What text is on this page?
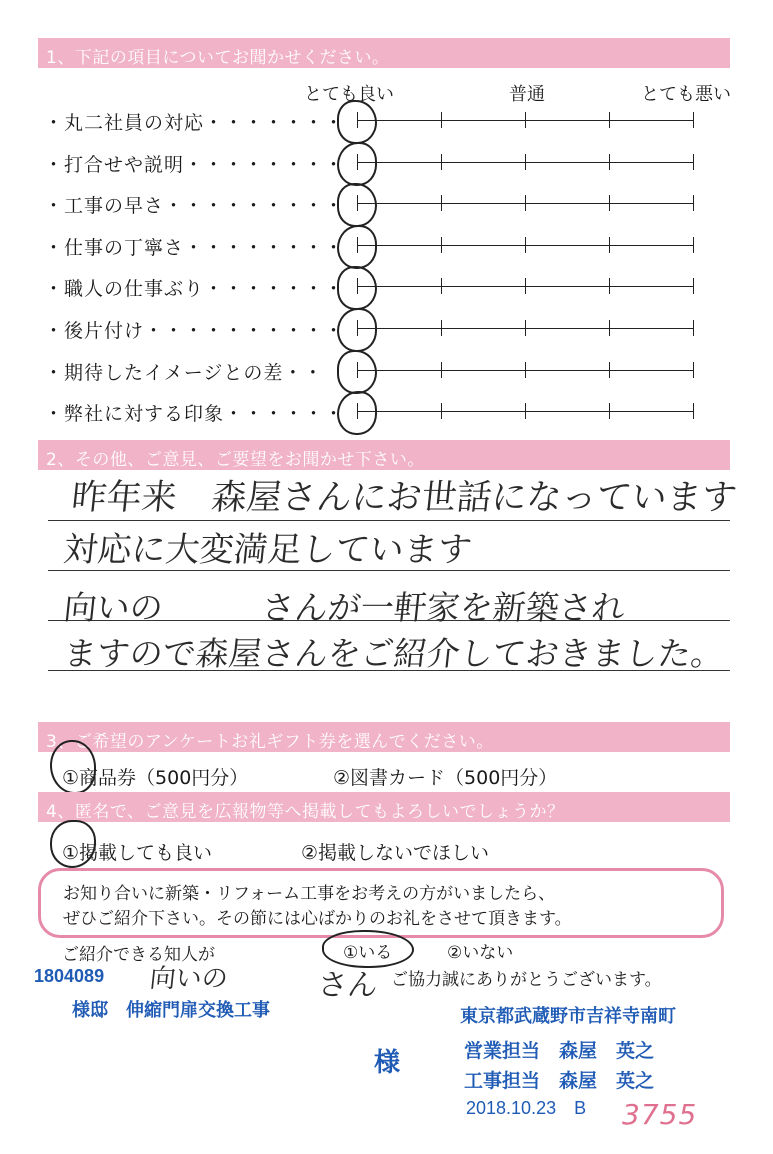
1、下記の項目についてお聞かせください。
とても良い	普通	とても悪い
・丸二社員の対応・・・・・・・
・打合せや説明・・・・・・・・
・工事の早さ・・・・・・・・・
・仕事の丁寧さ・・・・・・・・
・職人の仕事ぶり・・・・・・・
・後片付け・・・・・・・・・・
・期待したイメージとの差・・
・弊社に対する印象・・・・・・
2、その他、ご意見、ご要望をお聞かせ下さい。
昨年来　森屋さんにお世話になっています
対応に大変満足しています
向いの　　　さんが一軒家を新築され
ますので森屋さんをご紹介しておきました。
3、ご希望のアンケートお礼ギフト券を選んでください。
①商品券（500円分）	②図書カード（500円分）
4、匿名で、ご意見を広報物等へ掲載してもよろしいでしょうか？
①掲載しても良い	②掲載しないでほしい
お知り合いに新築・リフォーム工事をお考えの方がいましたら、
ぜひご紹介下さい。その節には心ばかりのお礼をさせて頂きます。
ご紹介できる知人が	①いる	②いない
向いの	さん ご協力誠にありがとうございます。
1804089
様邸　伸縮門扉交換工事
様
東京都武蔵野市吉祥寺南町
営業担当　森屋　英之
工事担当　森屋　英之
2018.10.23　B 3755
